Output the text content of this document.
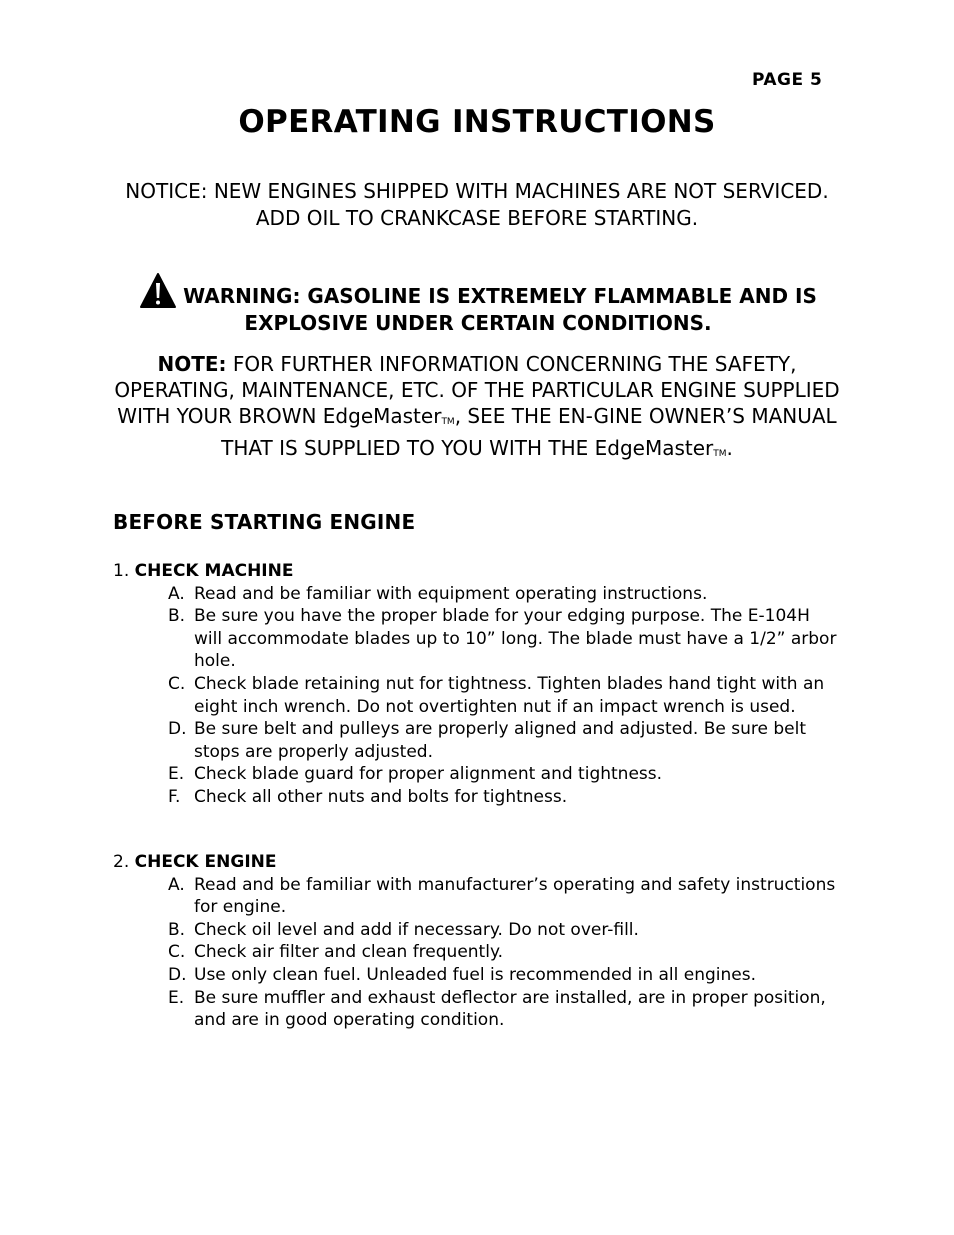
PAGE 5
OPERATING INSTRUCTIONS

NOTICE: NEW ENGINES SHIPPED WITH MACHINES ARE NOT SERVICED. ADD OIL TO CRANKCASE BEFORE STARTING.

WARNING: GASOLINE IS EXTREMELY FLAMMABLE AND IS EXPLOSIVE UNDER CERTAIN CONDITIONS.

NOTE: FOR FURTHER INFORMATION CONCERNING THE SAFETY, OPERATING, MAINTENANCE, ETC. OF THE PARTICULAR ENGINE SUPPLIED WITH YOUR BROWN EdgeMasterTM, SEE THE EN-GINE OWNER’S MANUAL THAT IS SUPPLIED TO YOU WITH THE EdgeMasterTM.

BEFORE STARTING ENGINE

1. CHECK MACHINE

A. Read and be familiar with equipment operating instructions.
B. Be sure you have the proper blade for your edging purpose. The E-104H will accommodate blades up to 10” long. The blade must have a 1/2” arbor hole.
C. Check blade retaining nut for tightness. Tighten blades hand tight with an eight inch wrench. Do not overtighten nut if an impact wrench is used.
D. Be sure belt and pulleys are properly aligned and adjusted. Be sure belt stops are properly adjusted.
E. Check blade guard for proper alignment and tightness.
F. Check all other nuts and bolts for tightness.

2. CHECK ENGINE

A. Read and be familiar with manufacturer’s operating and safety instructions for engine.
B. Check oil level and add if necessary. Do not over-fill.
C. Check air filter and clean frequently.
D. Use only clean fuel. Unleaded fuel is recommended in all engines.
E. Be sure muffler and exhaust deflector are installed, are in proper position, and are in good operating condition.
